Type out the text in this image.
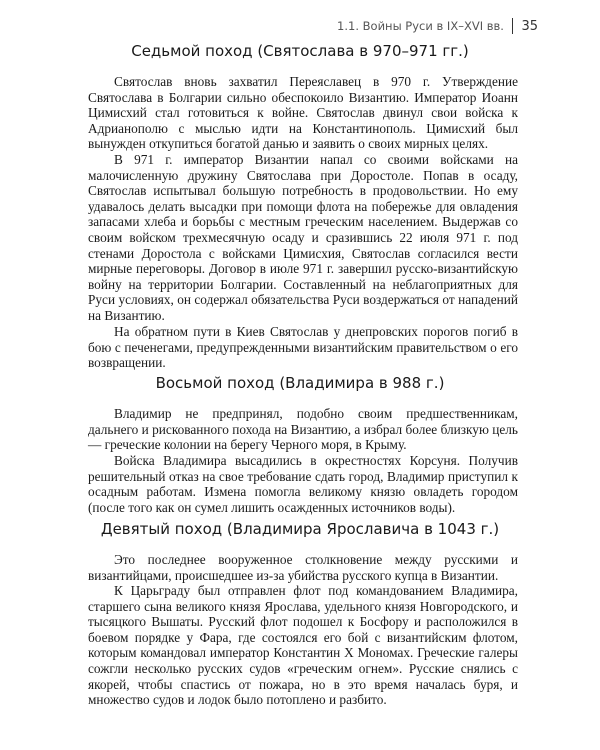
1.1. Войны Руси в IX–XVI вв. 35
Седьмой поход (Святослава в 970–971 гг.)

Святослав вновь захватил Переяславец в 970 г. Утверждение Святослава в Болгарии сильно обеспокоило Византию. Император Иоанн Цимисхий стал готовиться к войне. Святослав двинул свои войска к Адрианополю с мыслью идти на Константинополь. Цимисхий был вынужден откупиться богатой данью и заявить о своих мирных целях.

В 971 г. император Византии напал со своими войсками на малочисленную дружину Святослава при Доростоле. Попав в осаду, Святослав испытывал большую потребность в продовольствии. Но ему удавалось делать высадки при помощи флота на побережье для овладения запасами хлеба и борьбы с местным греческим населением. Выдержав со своим войском трехмесячную осаду и сразившись 22 июля 971 г. под стенами Доростола с войсками Цимисхия, Святослав согласился вести мирные переговоры. Договор в июле 971 г. завершил русско-византийскую войну на территории Болгарии. Составленный на неблагоприятных для Руси условиях, он содержал обязательства Руси воздержаться от нападений на Византию.

На обратном пути в Киев Святослав у днепровских порогов погиб в бою с печенегами, предупрежденными византийским правительством о его возвращении.

Восьмой поход (Владимира в 988 г.)

Владимир не предпринял, подобно своим предшественникам, дальнего и рискованного похода на Византию, а избрал более близкую цель — греческие колонии на берегу Черного моря, в Крыму.

Войска Владимира высадились в окрестностях Корсуня. Получив решительный отказ на свое требование сдать город, Владимир приступил к осадным работам. Измена помогла великому князю овладеть городом (после того как он сумел лишить осажденных источников воды).

Девятый поход (Владимира Ярославича в 1043 г.)

Это последнее вооруженное столкновение между русскими и византийцами, происшедшее из-за убийства русского купца в Византии.

К Царьграду был отправлен флот под командованием Владимира, старшего сына великого князя Ярослава, удельного князя Новгородского, и тысяцкого Вышаты. Русский флот подошел к Босфору и расположился в боевом порядке у Фара, где состоялся его бой с византийским флотом, которым командовал император Константин X Мономах. Греческие галеры сожгли несколько русских судов «греческим огнем». Русские снялись с якорей, чтобы спастись от пожара, но в это время началась буря, и множество судов и лодок было потоплено и разбито.
